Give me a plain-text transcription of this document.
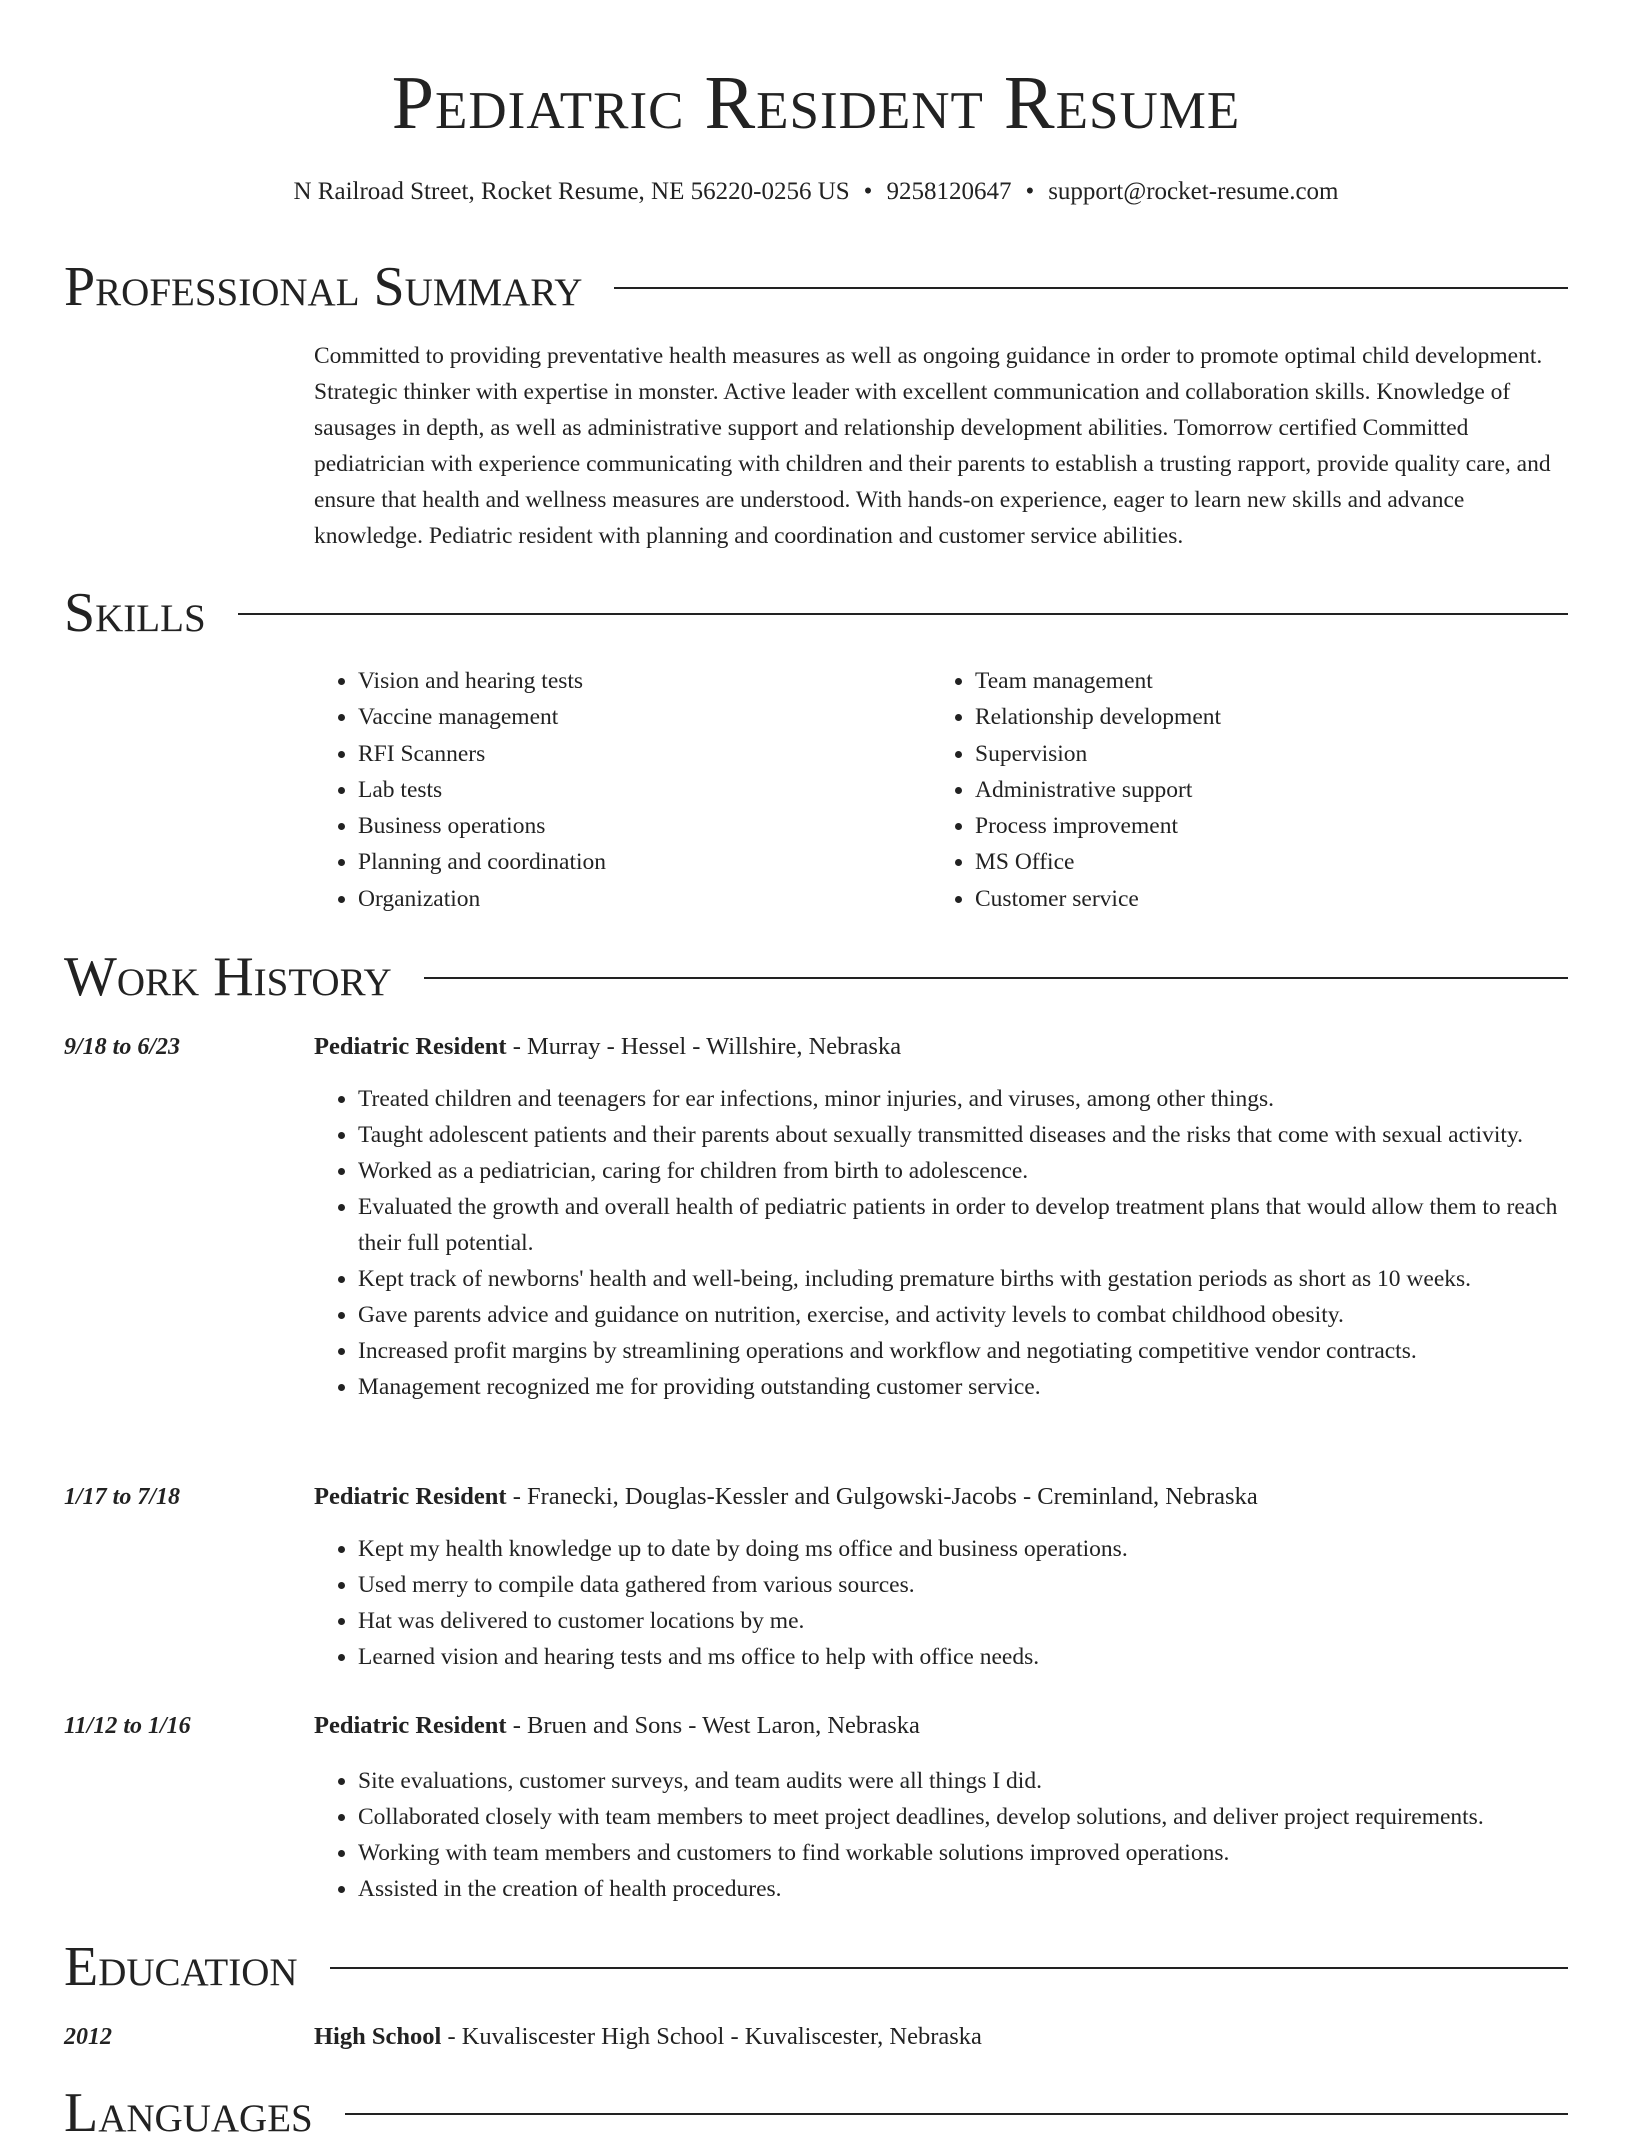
Pediatric Resident Resume
N Railroad Street, Rocket Resume, NE 56220-0256 US • 9258120647 • support@rocket-resume.com
Professional Summary

Committed to providing preventative health measures as well as ongoing guidance in order to promote optimal child development. Strategic thinker with expertise in monster. Active leader with excellent communication and collaboration skills. Knowledge of sausages in depth, as well as administrative support and relationship development abilities. Tomorrow certified Committed pediatrician with experience communicating with children and their parents to establish a trusting rapport, provide quality care, and ensure that health and wellness measures are understood. With hands-on experience, eager to learn new skills and advance knowledge. Pediatric resident with planning and coordination and customer service abilities.

Skills
• Vision and hearing tests
• Vaccine management
• RFI Scanners
• Lab tests
• Business operations
• Planning and coordination
• Organization
• Team management
• Relationship development
• Supervision
• Administrative support
• Process improvement
• MS Office
• Customer service
Work History
9/18 to 6/23	Pediatric Resident - Murray - Hessel - Willshire, Nebraska
• Treated children and teenagers for ear infections, minor injuries, and viruses, among other things.
• Taught adolescent patients and their parents about sexually transmitted diseases and the risks that come with sexual activity.
• Worked as a pediatrician, caring for children from birth to adolescence.
• Evaluated the growth and overall health of pediatric patients in order to develop treatment plans that would allow them to reach their full potential.
• Kept track of newborns' health and well-being, including premature births with gestation periods as short as 10 weeks.
• Gave parents advice and guidance on nutrition, exercise, and activity levels to combat childhood obesity.
• Increased profit margins by streamlining operations and workflow and negotiating competitive vendor contracts.
• Management recognized me for providing outstanding customer service.
1/17 to 7/18	Pediatric Resident - Franecki, Douglas-Kessler and Gulgowski-Jacobs - Creminland, Nebraska
• Kept my health knowledge up to date by doing ms office and business operations.
• Used merry to compile data gathered from various sources.
• Hat was delivered to customer locations by me.
• Learned vision and hearing tests and ms office to help with office needs.
11/12 to 1/16	Pediatric Resident - Bruen and Sons - West Laron, Nebraska
• Site evaluations, customer surveys, and team audits were all things I did.
• Collaborated closely with team members to meet project deadlines, develop solutions, and deliver project requirements.
• Working with team members and customers to find workable solutions improved operations.
• Assisted in the creation of health procedures.
Education
2012	High School - Kuvaliscester High School - Kuvaliscester, Nebraska
Languages
